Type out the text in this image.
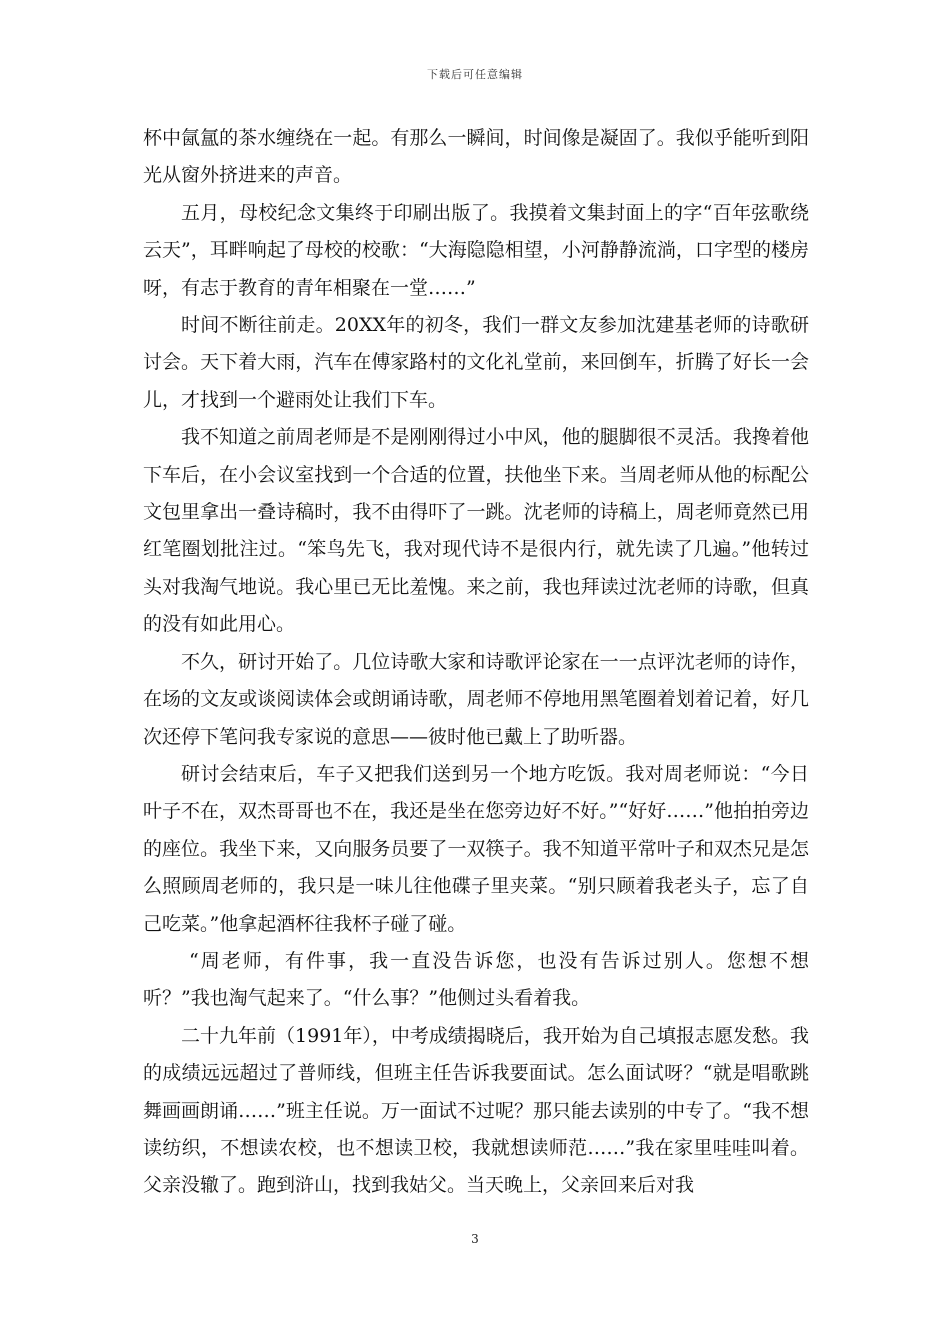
下载后可任意编辑

杯中氤氲的茶水缠绕在一起。有那么一瞬间，时间像是凝固了。我似乎能听到阳光从窗外挤进来的声音。

五月，母校纪念文集终于印刷出版了。我摸着文集封面上的字“百年弦歌绕云天”，耳畔响起了母校的校歌：“大海隐隐相望，小河静静流淌，口字型的楼房呀，有志于教育的青年相聚在一堂……”

时间不断往前走。20XX年的初冬，我们一群文友参加沈建基老师的诗歌研讨会。天下着大雨，汽车在傅家路村的文化礼堂前，来回倒车，折腾了好长一会儿，才找到一个避雨处让我们下车。

我不知道之前周老师是不是刚刚得过小中风，他的腿脚很不灵活。我搀着他下车后，在小会议室找到一个合适的位置，扶他坐下来。当周老师从他的标配公文包里拿出一叠诗稿时，我不由得吓了一跳。沈老师的诗稿上，周老师竟然已用红笔圈划批注过。“笨鸟先飞，我对现代诗不是很内行，就先读了几遍。”他转过头对我淘气地说。我心里已无比羞愧。来之前，我也拜读过沈老师的诗歌，但真的没有如此用心。

不久，研讨开始了。几位诗歌大家和诗歌评论家在一一点评沈老师的诗作，在场的文友或谈阅读体会或朗诵诗歌，周老师不停地用黑笔圈着划着记着，好几次还停下笔问我专家说的意思——彼时他已戴上了助听器。

研讨会结束后，车子又把我们送到另一个地方吃饭。我对周老师说：“今日叶子不在，双杰哥哥也不在，我还是坐在您旁边好不好。”“好好……”他拍拍旁边的座位。我坐下来，又向服务员要了一双筷子。我不知道平常叶子和双杰兄是怎么照顾周老师的，我只是一味儿往他碟子里夹菜。“别只顾着我老头子，忘了自己吃菜。”他拿起酒杯往我杯子碰了碰。

“周老师，有件事，我一直没告诉您，也没有告诉过别人。您想不想听？”我也淘气起来了。“什么事？”他侧过头看着我。

二十九年前（1991年），中考成绩揭晓后，我开始为自己填报志愿发愁。我的成绩远远超过了普师线，但班主任告诉我要面试。怎么面试呀？“就是唱歌跳舞画画朗诵……”班主任说。万一面试不过呢？那只能去读别的中专了。“我不想读纺织，不想读农校，也不想读卫校，我就想读师范……”我在家里哇哇叫着。父亲没辙了。跑到浒山，找到我姑父。当天晚上，父亲回来后对我

3
